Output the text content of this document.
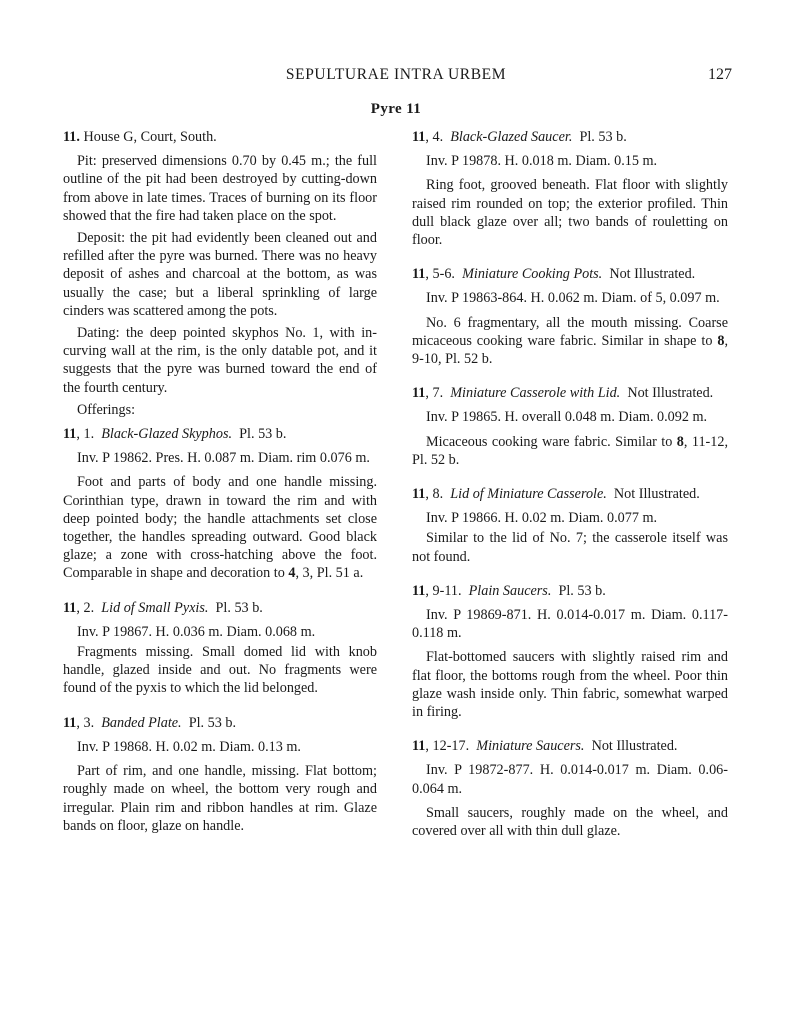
SEPULTURAE INTRA URBEM	127
Pyre 11
11. House G, Court, South.
Pit: preserved dimensions 0.70 by 0.45 m.; the full outline of the pit had been destroyed by cutting-down from above in late times. Traces of burning on its floor showed that the fire had taken place on the spot.
Deposit: the pit had evidently been cleaned out and refilled after the pyre was burned. There was no heavy deposit of ashes and charcoal at the bottom, as was usually the case; but a liberal sprinkling of large cinders was scattered among the pots.
Dating: the deep pointed skyphos No. 1, with in-curving wall at the rim, is the only datable pot, and it suggests that the pyre was burned toward the end of the fourth century.
Offerings:
11, 1. Black-Glazed Skyphos. Pl. 53 b.
Inv. P 19862. Pres. H. 0.087 m. Diam. rim 0.076 m.
Foot and parts of body and one handle missing. Corinthian type, drawn in toward the rim and with deep pointed body; the handle attachments set close together, the handles spreading outward. Good black glaze; a zone with cross-hatching above the foot. Comparable in shape and decoration to 4, 3, Pl. 51 a.
11, 2. Lid of Small Pyxis. Pl. 53 b.
Inv. P 19867. H. 0.036 m. Diam. 0.068 m.
Fragments missing. Small domed lid with knob handle, glazed inside and out. No fragments were found of the pyxis to which the lid belonged.
11, 3. Banded Plate. Pl. 53 b.
Inv. P 19868. H. 0.02 m. Diam. 0.13 m.
Part of rim, and one handle, missing. Flat bottom; roughly made on wheel, the bottom very rough and irregular. Plain rim and ribbon handles at rim. Glaze bands on floor, glaze on handle.
11, 4. Black-Glazed Saucer. Pl. 53 b.
Inv. P 19878. H. 0.018 m. Diam. 0.15 m.
Ring foot, grooved beneath. Flat floor with slightly raised rim rounded on top; the exterior profiled. Thin dull black glaze over all; two bands of rouletting on floor.
11, 5-6. Miniature Cooking Pots. Not Illustrated.
Inv. P 19863-864. H. 0.062 m. Diam. of 5, 0.097 m.
No. 6 fragmentary, all the mouth missing. Coarse micaceous cooking ware fabric. Similar in shape to 8, 9-10, Pl. 52 b.
11, 7. Miniature Casserole with Lid. Not Illustrated.
Inv. P 19865. H. overall 0.048 m. Diam. 0.092 m.
Micaceous cooking ware fabric. Similar to 8, 11-12, Pl. 52 b.
11, 8. Lid of Miniature Casserole. Not Illustrated.
Inv. P 19866. H. 0.02 m. Diam. 0.077 m.
Similar to the lid of No. 7; the casserole itself was not found.
11, 9-11. Plain Saucers. Pl. 53 b.
Inv. P 19869-871. H. 0.014-0.017 m. Diam. 0.117-0.118 m.
Flat-bottomed saucers with slightly raised rim and flat floor, the bottoms rough from the wheel. Poor thin glaze wash inside only. Thin fabric, somewhat warped in firing.
11, 12-17. Miniature Saucers. Not Illustrated.
Inv. P 19872-877. H. 0.014-0.017 m. Diam. 0.06-0.064 m.
Small saucers, roughly made on the wheel, and covered over all with thin dull glaze.
